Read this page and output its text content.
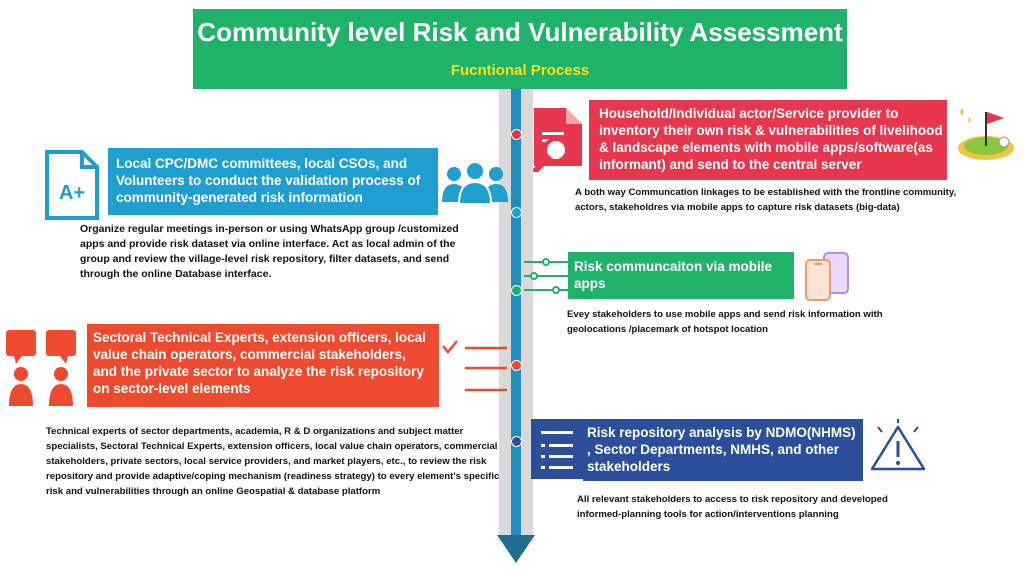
Community level Risk and Vulnerability Assessment
Fucntional Process
Household/Individual actor/Service provider to inventory their own risk & vulnerabilities of livelihood & landscape elements with mobile apps/software(as informant) and send to the central server
A both way Communcation linkages to be established with the frontline community, actors, stakeholdres via mobile apps to capture risk datasets (big-data)
A+
Local CPC/DMC committees, local CSOs, and Volunteers to conduct the validation process of community-generated risk information
Organize regular meetings in-person or using WhatsApp group /customized apps and provide risk dataset via online interface. Act as local admin of the group and review the village-level risk repository, filter datasets, and send through the online Database interface.	Risk communcaiton via mobile apps
Evey stakeholders to use mobile apps and send risk information with geolocations /placemark of hotspot location
Sectoral Technical Experts, extension officers, local value chain operators, commercial stakeholders, and the private sector to analyze the risk repository on sector-level elements
Technical experts of sector departments, academia, R & D organizations and subject matter specialists, Sectoral Technical Experts, extension officers, local value chain operators, commercial stakeholders, private sectors, local service providers, and market players, etc., to review the risk repository and provide adaptive/coping mechanism (readiness strategy) to every element's specific risk and vulnerabilities through an online Geospatial & database platform
Risk repository analysis by NDMO(NHMS) , Sector Departments, NMHS, and other stakeholders
All relevant stakeholders to access to risk repository and developed informed-planning tools for action/interventions planning
